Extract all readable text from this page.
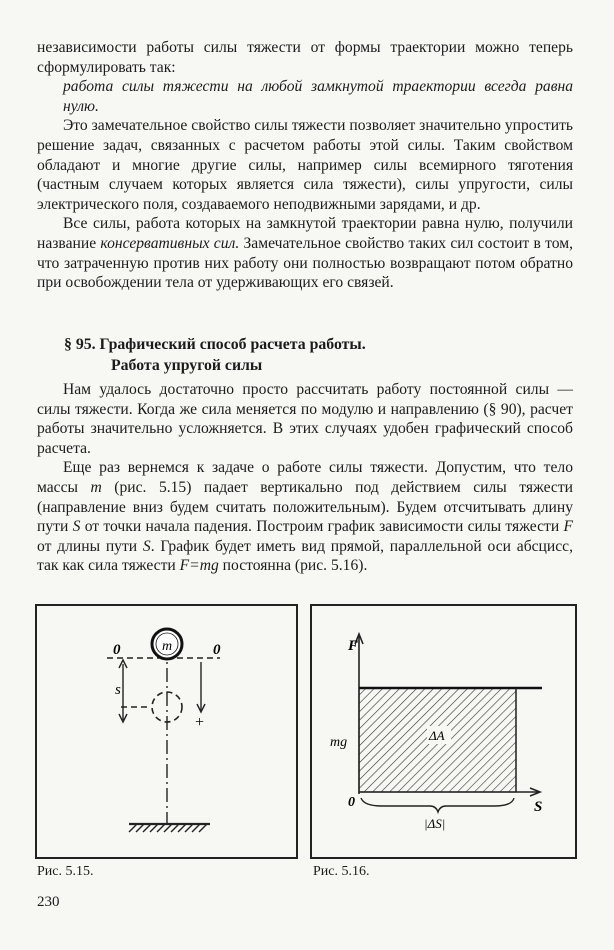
независимости работы силы тяжести от формы траектории можно теперь сформулировать так:

работа силы тяжести на любой замкнутой траектории всегда равна нулю.

Это замечательное свойство силы тяжести позволяет значительно упростить решение задач, связанных с расчетом работы этой силы. Таким свойством обладают и многие другие силы, например силы всемирного тяготения (частным случаем которых является сила тяжести), силы упругости, силы электрического поля, создаваемого неподвижными зарядами, и др.

Все силы, работа которых на замкнутой траектории равна нулю, получили название консервативных сил. Замечательное свойство таких сил состоит в том, что затраченную против них работу они полностью возвращают потом обратно при освобождении тела от удерживающих его связей.

§ 95. Графический способ расчета работы.
Работа упругой силы

Нам удалось достаточно просто рассчитать работу постоянной силы — силы тяжести. Когда же сила меняется по модулю и направлению (§ 90), расчет работы значительно усложняется. В этих случаях удобен графический способ расчета.

Еще раз вернемся к задаче о работе силы тяжести. Допустим, что тело массы m (рис. 5.15) падает вертикально под действием силы тяжести (направление вниз будем считать положительным). Будем отсчитывать длину пути S от точки начала падения. Построим график зависимости силы тяжести F от длины пути S. График будет иметь вид прямой, параллельной оси абсцисс, так как сила тяжести F=mg постоянна (рис. 5.16).

m
0
s
0
+
F
S
0
mg	ΔA
|ΔS|
Рис. 5.15.	Рис. 5.16.
230
